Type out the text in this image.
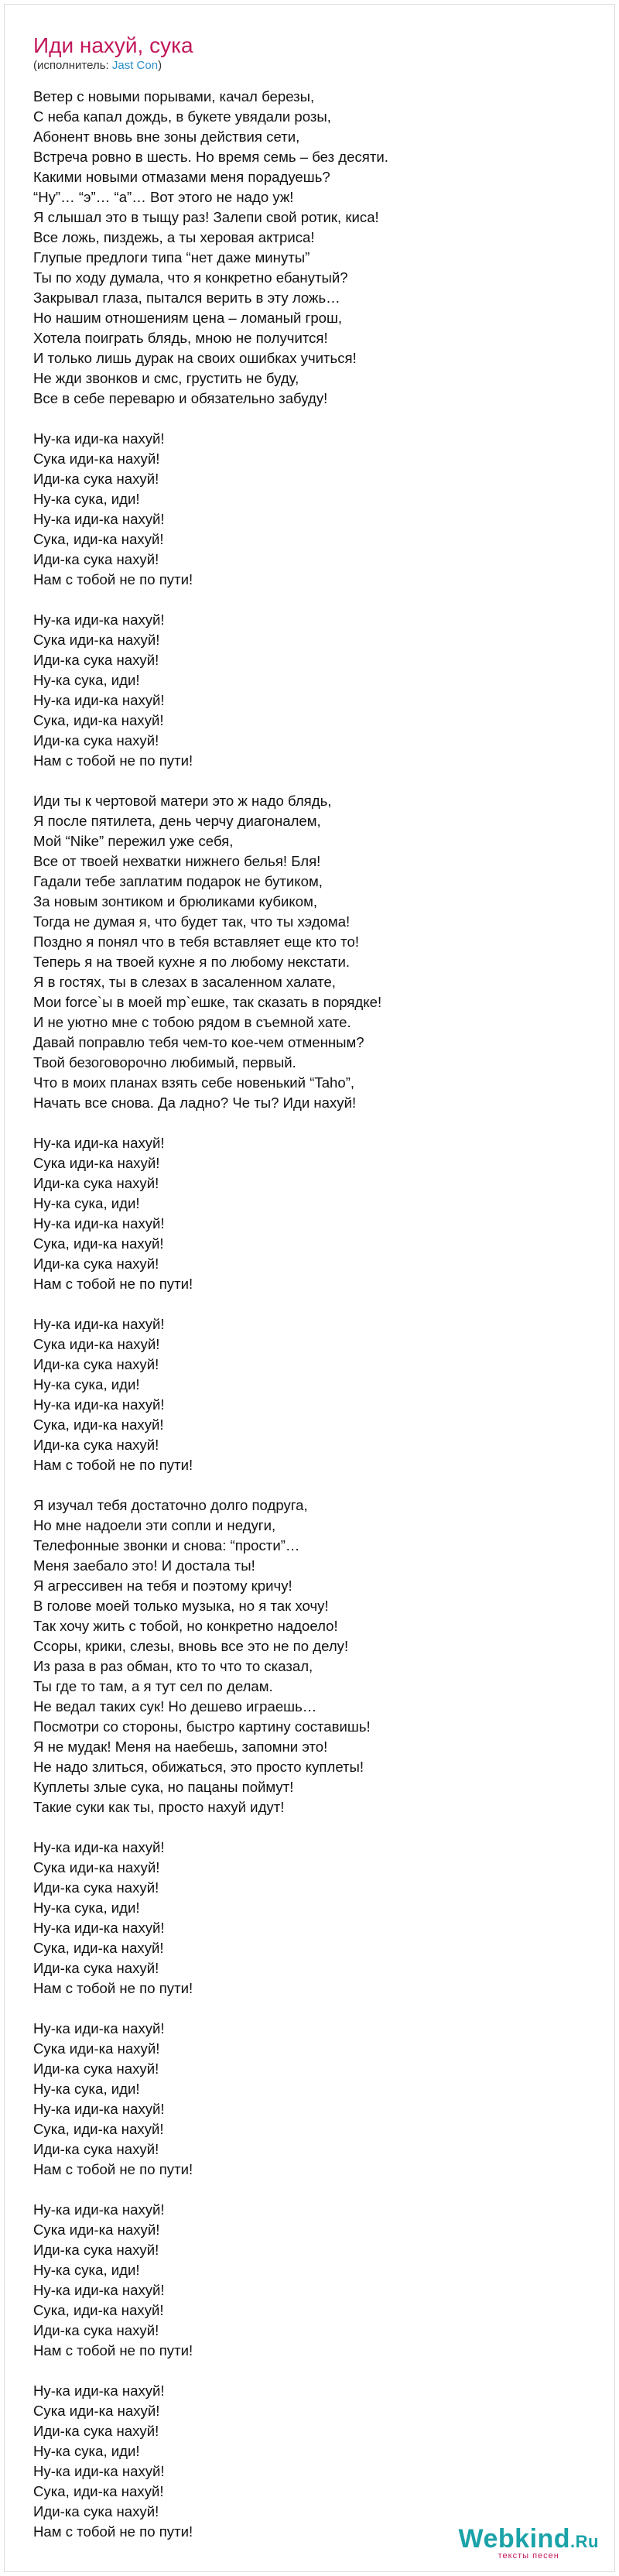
Иди нахуй, сука
(исполнитель: Jast Con)
Ветер с новыми порывами, качал березы,
С неба капал дождь, в букете увядали розы,
Абонент вновь вне зоны действия сети,
Встреча ровно в шесть. Но время семь – без десяти.
Какими новыми отмазами меня порадуешь?
“Ну”… “э”… “а”… Вот этого не надо уж!
Я слышал это в тыщу раз! Залепи свой ротик, киса!
Все ложь, пиздежь, а ты херовая актриса!
Глупые предлоги типа “нет даже минуты”
Ты по ходу думала, что я конкретно ебанутый?
Закрывал глаза, пытался верить в эту ложь…
Но нашим отношениям цена – ломаный грош,
Хотела поиграть блядь, мною не получится!
И только лишь дурак на своих ошибках учиться!
Не жди звонков и смс, грустить не буду,
Все в себе переварю и обязательно забуду!
Ну-ка иди-ка нахуй!
Сука иди-ка нахуй!
Иди-ка сука нахуй!
Ну-ка сука, иди!
Ну-ка иди-ка нахуй!
Сука, иди-ка нахуй!
Иди-ка сука нахуй!
Нам с тобой не по пути!
Ну-ка иди-ка нахуй!
Сука иди-ка нахуй!
Иди-ка сука нахуй!
Ну-ка сука, иди!
Ну-ка иди-ка нахуй!
Сука, иди-ка нахуй!
Иди-ка сука нахуй!
Нам с тобой не по пути!
Иди ты к чертовой матери это ж надо блядь,
Я после пятилета, день черчу диагоналем,
Мой “Nike” пережил уже себя,
Все от твоей нехватки нижнего белья! Бля!
Гадали тебе заплатим подарок не бутиком,
За новым зонтиком и брюликами кубиком,
Тогда не думая я, что будет так, что ты хэдома!
Поздно я понял что в тебя вставляет еще кто то!
Теперь я на твоей кухне я по любому некстати.
Я в гостях, ты в слезах в засаленном халате,
Мои force`ы в моей mp`ешке, так сказать в порядке!
И не уютно мне с тобою рядом в съемной хате.
Давай поправлю тебя чем-то кое-чем отменным?
Твой безоговорочно любимый, первый.
Что в моих планах взять себе новенький “Taho”,
Начать все снова. Да ладно? Че ты? Иди нахуй!
Ну-ка иди-ка нахуй!
Сука иди-ка нахуй!
Иди-ка сука нахуй!
Ну-ка сука, иди!
Ну-ка иди-ка нахуй!
Сука, иди-ка нахуй!
Иди-ка сука нахуй!
Нам с тобой не по пути!
Ну-ка иди-ка нахуй!
Сука иди-ка нахуй!
Иди-ка сука нахуй!
Ну-ка сука, иди!
Ну-ка иди-ка нахуй!
Сука, иди-ка нахуй!
Иди-ка сука нахуй!
Нам с тобой не по пути!
Я изучал тебя достаточно долго подруга,
Но мне надоели эти сопли и недуги,
Телефонные звонки и снова: “прости”…
Меня заебало это! И достала ты!
Я агрессивен на тебя и поэтому кричу!
В голове моей только музыка, но я так хочу!
Так хочу жить с тобой, но конкретно надоело!
Ссоры, крики, слезы, вновь все это не по делу!
Из раза в раз обман, кто то что то сказал,
Ты где то там, а я тут сел по делам.
Не ведал таких сук! Но дешево играешь…
Посмотри со стороны, быстро картину составишь!
Я не мудак! Меня на наебешь, запомни это!
Не надо злиться, обижаться, это просто куплеты!
Куплеты злые сука, но пацаны поймут!
Такие суки как ты, просто нахуй идут!
Ну-ка иди-ка нахуй!
Сука иди-ка нахуй!
Иди-ка сука нахуй!
Ну-ка сука, иди!
Ну-ка иди-ка нахуй!
Сука, иди-ка нахуй!
Иди-ка сука нахуй!
Нам с тобой не по пути!
Ну-ка иди-ка нахуй!
Сука иди-ка нахуй!
Иди-ка сука нахуй!
Ну-ка сука, иди!
Ну-ка иди-ка нахуй!
Сука, иди-ка нахуй!
Иди-ка сука нахуй!
Нам с тобой не по пути!
Ну-ка иди-ка нахуй!
Сука иди-ка нахуй!
Иди-ка сука нахуй!
Ну-ка сука, иди!
Ну-ка иди-ка нахуй!
Сука, иди-ка нахуй!
Иди-ка сука нахуй!
Нам с тобой не по пути!
Ну-ка иди-ка нахуй!
Сука иди-ка нахуй!
Иди-ка сука нахуй!
Ну-ка сука, иди!
Ну-ка иди-ка нахуй!
Сука, иди-ка нахуй!
Иди-ка сука нахуй!
Нам с тобой не по пути!	Webkind.Ru
тексты песен
